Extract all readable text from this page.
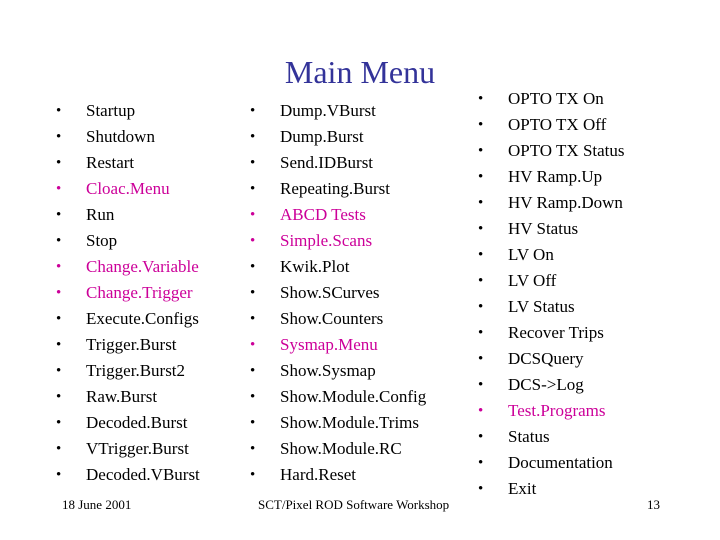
Main Menu
•	Startup
•	Shutdown
•	Restart
•	Cloac.Menu
•	Run
•	Stop
•	Change.Variable
•	Change.Trigger
•	Execute.Configs
•	Trigger.Burst
•	Trigger.Burst2
•	Raw.Burst
•	Decoded.Burst
•	VTrigger.Burst
•	Decoded.VBurst
•	Dump.VBurst
•	Dump.Burst
•	Send.IDBurst
•	Repeating.Burst
•	ABCD Tests
•	Simple.Scans
•	Kwik.Plot
•	Show.SCurves
•	Show.Counters
•	Sysmap.Menu
•	Show.Sysmap
•	Show.Module.Config
•	Show.Module.Trims
•	Show.Module.RC
•	Hard.Reset
•	OPTO TX On
•	OPTO TX Off
•	OPTO TX Status
•	HV Ramp.Up
•	HV Ramp.Down
•	HV Status
•	LV On
•	LV Off
•	LV Status
•	Recover Trips
•	DCSQuery
•	DCS->Log
•	Test.Programs
•	Status
•	Documentation
•	Exit
18 June 2001	SCT/Pixel ROD Software Workshop	13
